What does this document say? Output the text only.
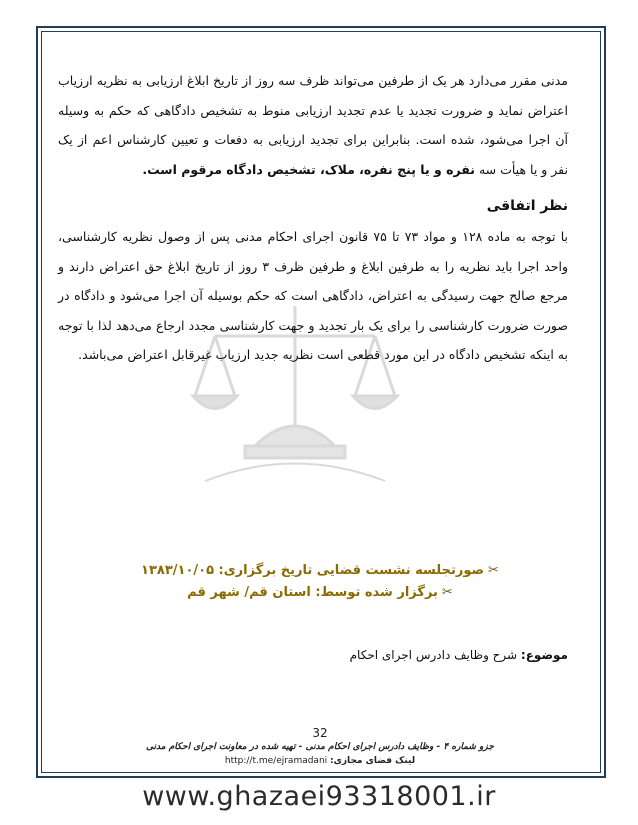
مدنی مقرر می‌دارد هر یک از طرفین می‌تواند ظرف سه روز از تاریخ ابلاغ ارزیابی به نظریه ارزیاب اعتراض نماید و ضرورت تجدید یا عدم تجدید ارزیابی منوط به تشخیص دادگاهی که حکم به وسیله آن اجرا می‌شود، شده است. بنابراین برای تجدید ارزیابی به دفعات و تعیین کارشناس اعم از یک نفر و یا هیأت سه نفره و یا پنج نفره، ملاک، تشخیص دادگاه مرقوم است.

نظر اتفاقی

با توجه به ماده ۱۲۸ و مواد ۷۳ تا ۷۵ قانون اجرای احکام مدنی پس از وصول نظریه کارشناسی، واحد اجرا باید نظریه را به طرفین ابلاغ و طرفین ظرف ۳ روز از تاریخ ابلاغ حق اعتراض دارند و مرجع صالح جهت رسیدگی به اعتراض، دادگاهی است که حکم بوسیله آن اجرا می‌شود و دادگاه در صورت ضرورت کارشناسی را برای یک بار تجدید و جهت کارشناسی مجدد ارجاع می‌دهد لذا با توجه به اینکه تشخیص دادگاه در این مورد قطعی است نظریه جدید ارزیاب غیرقابل اعتراض می‌باشد.

✂صورتجلسه نشست قضایی تاریخ برگزاری: ۱۳۸۳/۱۰/۰۵
✂برگزار شده توسط: استان قم/ شهر قم
موضوع: شرح وظایف دادرس اجرای احکام
32
جزو شماره ۴ - وظایف دادرس اجرای احکام مدنی - تهیه شده در معاونت اجرای احکام مدنی
لینک فضای مجازی: http://t.me/ejramadani
www.ghazaei93318001.ir
